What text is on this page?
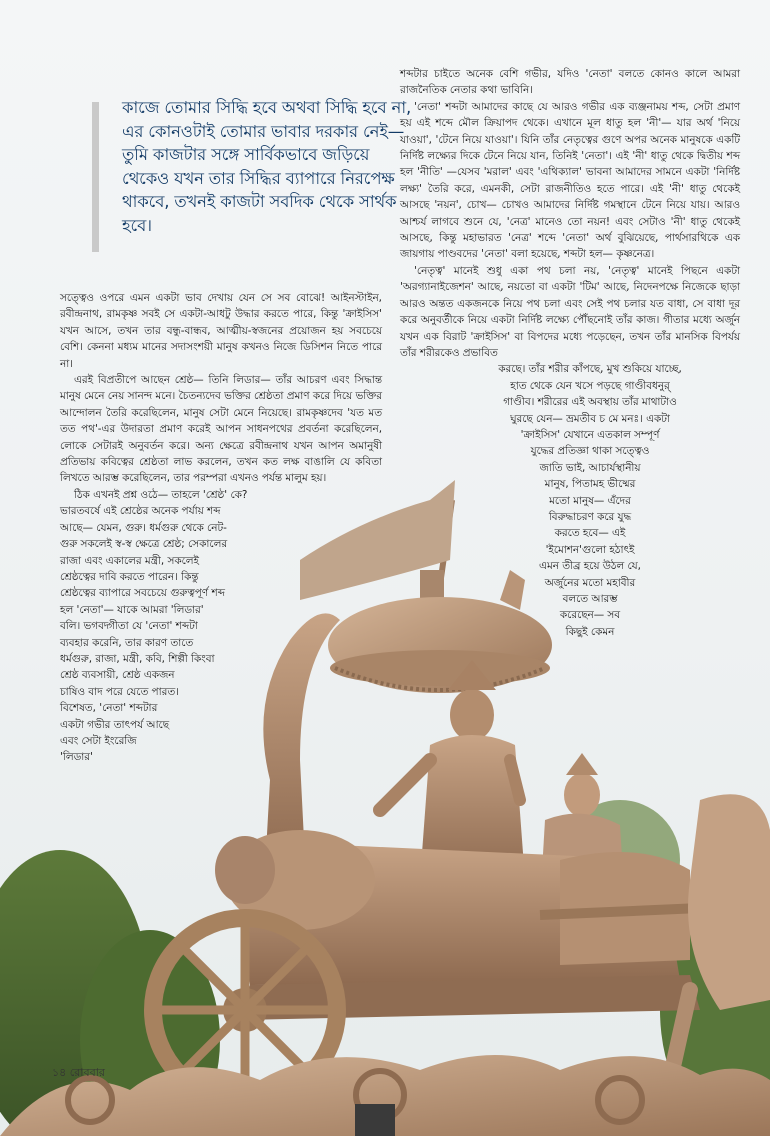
কাজে তোমার সিদ্ধি হবে অথবা সিদ্ধি হবে না, এর কোনওটাই তোমার ভাবার দরকার নেই— তুমি কাজটার সঙ্গে সার্বিকভাবে জড়িয়ে থেকেও যখন তার সিদ্ধির ব্যাপারে নিরপেক্ষ থাকবে, তখনই কাজটা সবদিক থেকে সার্থক হবে।

সত্ত্বেও ওপরে এমন একটা ভাব দেখায় যেন সে সব বোঝে! আইনস্টাইন, রবীন্দ্রনাথ, রামকৃষ্ণ সবই সে একটা-আধটু উদ্ধার করতে পারে, কিন্তু 'ক্রাইসিস' যখন আসে, তখন তার বন্ধু-বান্ধব, আত্মীয়-স্বজনের প্রয়োজন হয় সবচেয়ে বেশি। কেননা মধ্যম মানের সদাসংশয়ী মানুষ কখনও নিজে ডিসিশন নিতে পারে না।

এরই বিপ্রতীপে আছেন শ্রেষ্ঠ— তিনি লিডার— তাঁর আচরণ এবং সিদ্ধান্ত মানুষ মেনে নেয় সানন্দ মনে। চৈতন্যদেব ভক্তির শ্রেষ্ঠতা প্রমাণ করে দিয়ে ভক্তির আন্দোলন তৈরি করেছিলেন, মানুষ সেটা মেনে নিয়েছে। রামকৃষ্ণদেব 'যত মত তত পথ'-এর উদারতা প্রমাণ করেই আপন সাধনপথের প্রবর্তনা করেছিলেন, লোকে সেটারই অনুবর্তন করে। অন্য ক্ষেত্রে রবীন্দ্রনাথ যখন আপন অমানুষী প্রতিভায় কবিত্বের শ্রেষ্ঠতা লাভ করলেন, তখন কত লক্ষ বাঙালি যে কবিতা লিখতে আরম্ভ করেছিলেন, তার পরম্পরা এখনও পর্যন্ত মালুম হয়।

ঠিক এখনই প্রশ্ন ওঠে— তাহলে 'শ্রেষ্ঠ' কে?

ভারতবর্ষে এই শ্রেষ্ঠের অনেক পর্যায় শব্দ

আছে— যেমন, গুরু। ধর্মগুরু থেকে নেট-

গুরু সকলেই স্ব-স্ব ক্ষেত্রে শ্রেষ্ঠ; সেকালের

রাজা এবং একালের মন্ত্রী, সকলেই

শ্রেষ্ঠত্বের দাবি করতে পারেন। কিন্তু

শ্রেষ্ঠত্বের ব্যাপারে সবচেয়ে গুরুত্বপূর্ণ শব্দ

হল 'নেতা'— যাকে আমরা 'লিডার'

বলি। ভগবদ্গীতা যে 'নেতা' শব্দটা

ব্যবহার করেনি, তার কারণ তাতে

ধর্মগুরু, রাজা, মন্ত্রী, কবি, শিল্পী কিংবা

শ্রেষ্ঠ ব্যবসায়ী, শ্রেষ্ঠ একজন

চাষিও বাদ পরে যেতে পারত।

বিশেষত, 'নেতা' শব্দটার

একটা গভীর তাৎপর্য আছে

এবং সেটা ইংরেজি

'লিডার'

শব্দটার চাইতে অনেক বেশি গভীর, যদিও 'নেতা' বলতে কোনও কালে আমরা রাজনৈতিক নেতার কথা ভাবিনি।

'নেতা' শব্দটা আমাদের কাছে যে আরও গভীর এক ব্যঞ্জনাময় শব্দ, সেটা প্রমাণ হয় এই শব্দে মৌল ক্রিয়াপদ থেকে। এখানে মূল ধাতু হল 'নী'— যার অর্থ 'নিয়ে যাওয়া', 'টেনে নিয়ে যাওয়া'। যিনি তাঁর নেতৃত্বের গুণে অপর অনেক মানুষকে একটি নির্দিষ্ট লক্ষ্যের দিকে টেনে নিয়ে যান, তিনিই 'নেতা'। এই 'নী' ধাতু থেকে দ্বিতীয় শব্দ হল 'নীতি' —যেসব 'মরাল' এবং 'এথিক্যাল' ভাবনা আমাদের সামনে একটা 'নির্দিষ্ট লক্ষ্য' তৈরি করে, এমনকী, সেটা রাজনীতিও হতে পারে। এই 'নী' ধাতু থেকেই আসছে 'নয়ন', চোখ— চোখও আমাদের নির্দিষ্ট গমস্থানে টেনে নিয়ে যায়। আরও আশ্চর্য লাগবে শুনে যে, 'নেত্র' মানেও তো নয়ন! এবং সেটাও 'নী' ধাতু থেকেই আসছে, কিন্তু মহাভারত 'নেত্র' শব্দে 'নেতা' অর্থ বুঝিয়েছে, পার্থসারথিকে এক জায়গায় পাণ্ডবদের 'নেতা' বলা হয়েছে, শব্দটা হল— কৃষ্ণনেত্র।

'নেতৃত্ব' মানেই শুধু একা পথ চলা নয়, 'নেতৃত্ব' মানেই পিছনে একটা 'অরগ্যানাইজেশন' আছে, নয়তো বা একটা 'টিম' আছে, নিদেনপক্ষে নিজেকে ছাড়া আরও অন্তত একজনকে নিয়ে পথ চলা এবং সেই পথ চলার যত বাধা, সে বাধা দূর করে অনুবর্তীকে নিয়ে একটা নির্দিষ্ট লক্ষ্যে পৌঁছনোই তাঁর কাজ। গীতার মধ্যে অর্জুন যখন এক বিরাট 'ক্রাইসিস' বা বিপদের মধ্যে পড়েছেন, তখন তাঁর মানসিক বিপর্যয় তাঁর শরীরকেও প্রভাবিত

করছে। তাঁর শরীর কাঁপছে, মুখ শুকিয়ে যাচ্ছে,

হাত থেকে যেন খসে পড়ছে গাণ্ডীবধনুর্

গাণ্ডীব। শরীরের এই অবস্থায় তাঁর মাথাটাও

ঘুরছে যেন— ভ্রমতীব চ মে মনঃ। একটা

'ক্রাইসিস' যেখানে এতকাল সম্পূর্ণ

যুদ্ধের প্রতিজ্ঞা থাকা সত্ত্বেও

জাতি ভাই, আচার্যস্থানীয়

মানুষ, পিতামহ ভীষ্মের

মতো মানুষ— এঁদের

বিরুদ্ধাচরণ করে যুদ্ধ

করতে হবে— এই

'ইমোশন'গুলো হঠাৎই

এমন তীব্র হয়ে উঠল যে,

অর্জুনের মতো মহাবীর

বলতে আরম্ভ

করেছেন— সব

কিছুই কেমন

১৪ রোববার
